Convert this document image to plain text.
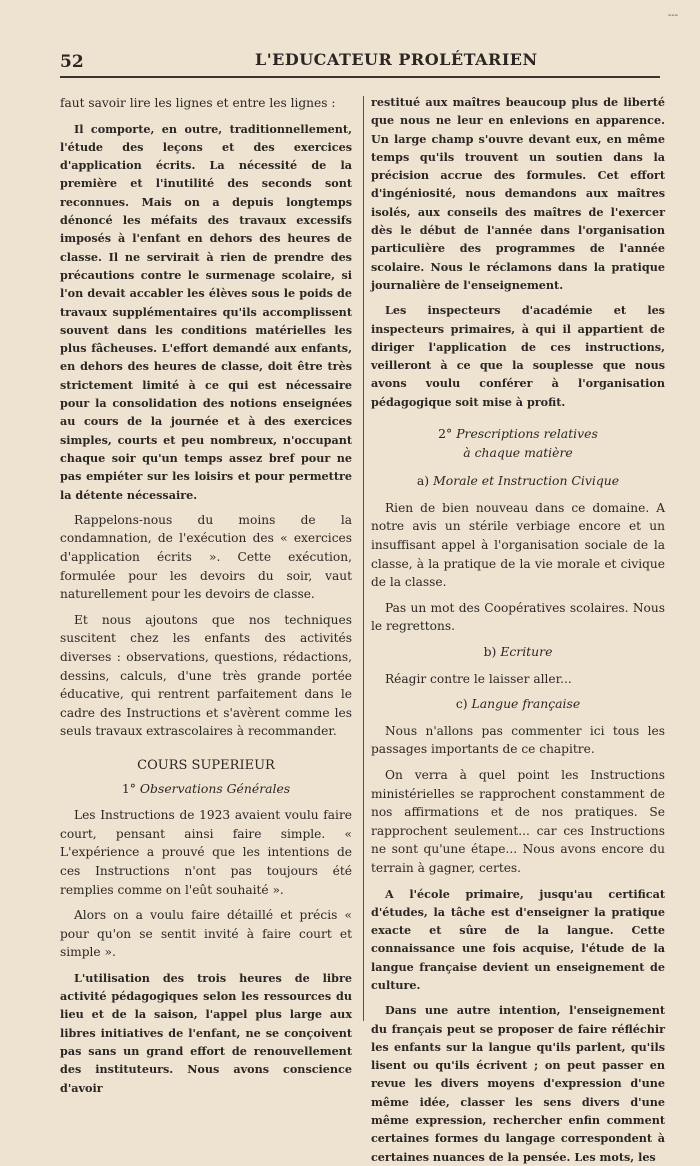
52	L'EDUCATEUR PROLÉTARIEN
---

faut savoir lire les lignes et entre les lignes :

Il comporte, en outre, traditionnellement, l'étude des leçons et des exercices d'application écrits. La nécessité de la première et l'inutilité des seconds sont reconnues. Mais on a depuis longtemps dénoncé les méfaits des travaux excessifs imposés à l'enfant en dehors des heures de classe. Il ne servirait à rien de prendre des précautions contre le surmenage scolaire, si l'on devait accabler les élèves sous le poids de travaux supplémentaires qu'ils accomplissent souvent dans les conditions matérielles les plus fâcheuses. L'effort demandé aux enfants, en dehors des heures de classe, doit être très strictement limité à ce qui est nécessaire pour la consolidation des notions enseignées au cours de la journée et à des exercices simples, courts et peu nombreux, n'occupant chaque soir qu'un temps assez bref pour ne pas empiéter sur les loisirs et pour permettre la détente nécessaire.

Rappelons-nous du moins de la condamnation, de l'exécution des « exercices d'application écrits ». Cette exécution, formulée pour les devoirs du soir, vaut naturellement pour les devoirs de classe.

Et nous ajoutons que nos techniques suscitent chez les enfants des activités diverses : observations, questions, rédactions, dessins, calculs, d'une très grande portée éducative, qui rentrent parfaitement dans le cadre des Instructions et s'avèrent comme les seuls travaux extrascolaires à recommander.

COURS SUPERIEUR
1° Observations Générales

Les Instructions de 1923 avaient voulu faire court, pensant ainsi faire simple. « L'expérience a prouvé que les intentions de ces Instructions n'ont pas toujours été remplies comme on l'eût souhaité ».

Alors on a voulu faire détaillé et précis « pour qu'on se sentit invité à faire court et simple ».

L'utilisation des trois heures de libre activité pédagogiques selon les ressources du lieu et de la saison, l'appel plus large aux libres initiatives de l'enfant, ne se conçoivent pas sans un grand effort de renouvellement des instituteurs. Nous avons conscience d'avoir

restitué aux maîtres beaucoup plus de liberté que nous ne leur en enlevions en apparence. Un large champ s'ouvre devant eux, en même temps qu'ils trouvent un soutien dans la précision accrue des formules. Cet effort d'ingéniosité, nous demandons aux maîtres isolés, aux conseils des maîtres de l'exercer dès le début de l'année dans l'organisation particulière des programmes de l'année scolaire. Nous le réclamons dans la pratique journalière de l'enseignement.

Les inspecteurs d'académie et les inspecteurs primaires, à qui il appartient de diriger l'application de ces instructions, veilleront à ce que la souplesse que nous avons voulu conférer à l'organisation pédagogique soit mise à profit.

2° Prescriptions relatives
à chaque matière
a) Morale et Instruction Civique

Rien de bien nouveau dans ce domaine. A notre avis un stérile verbiage encore et un insuffisant appel à l'organisation sociale de la classe, à la pratique de la vie morale et civique de la classe.

Pas un mot des Coopératives scolaires. Nous le regrettons.

b) Ecriture

Réagir contre le laisser aller...

c) Langue française

Nous n'allons pas commenter ici tous les passages importants de ce chapitre.

On verra à quel point les Instructions ministérielles se rapprochent constamment de nos affirmations et de nos pratiques. Se rapprochent seulement... car ces Instructions ne sont qu'une étape... Nous avons encore du terrain à gagner, certes.

A l'école primaire, jusqu'au certificat d'études, la tâche est d'enseigner la pratique exacte et sûre de la langue. Cette connaissance une fois acquise, l'étude de la langue française devient un enseignement de culture.

Dans une autre intention, l'enseignement du français peut se proposer de faire réfléchir les enfants sur la langue qu'ils parlent, qu'ils lisent ou qu'ils écrivent ; on peut passer en revue les divers moyens d'expression d'une même idée, classer les sens divers d'une même expression, rechercher enfin comment certaines formes du langage correspondent à certaines nuances de la pensée. Les mots, les
